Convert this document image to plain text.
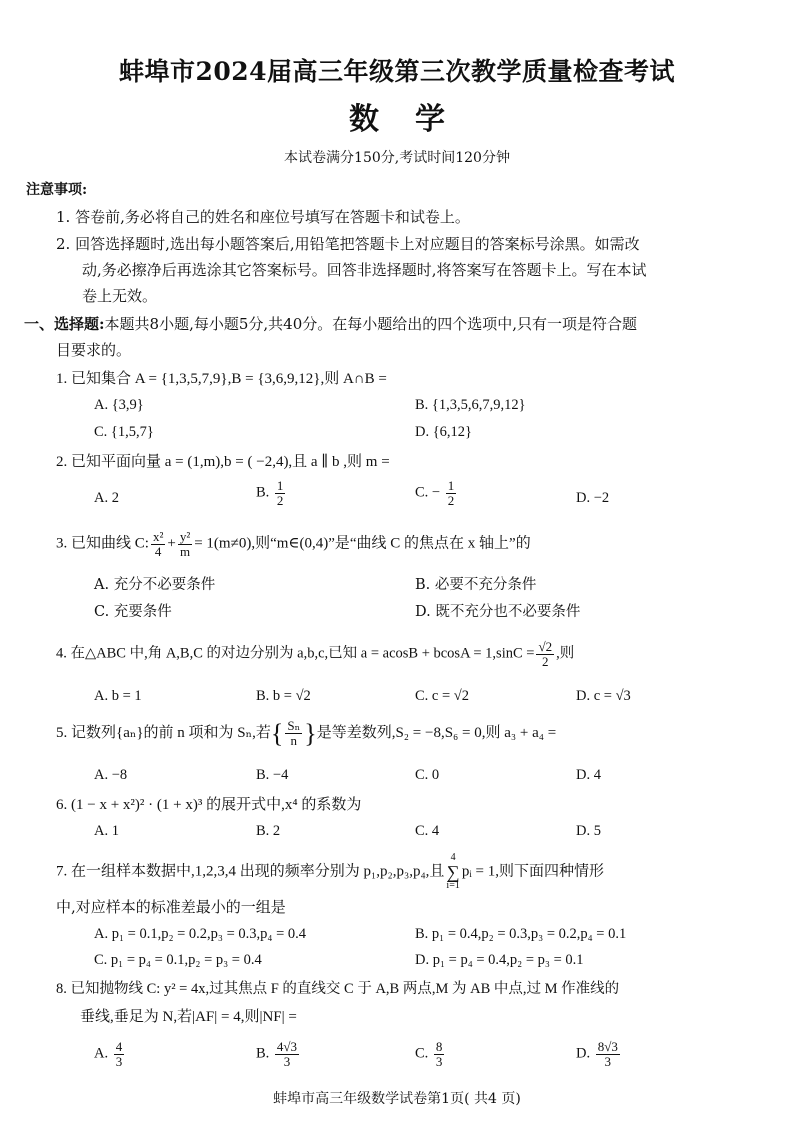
蚌埠市2024届高三年级第三次教学质量检查考试
数学
本试卷满分150分,考试时间120分钟
注意事项:
1. 答卷前,务必将自己的姓名和座位号填写在答题卡和试卷上。
2. 回答选择题时,选出每小题答案后,用铅笔把答题卡上对应题目的答案标号涂黑。如需改
动,务必擦净后再选涂其它答案标号。回答非选择题时,将答案写在答题卡上。写在本试
卷上无效。
一、选择题:本题共8小题,每小题5分,共40分。在每小题给出的四个选项中,只有一项是符合题
目要求的。
1. 已知集合 A = {1,3,5,7,9},B = {3,6,9,12},则 A∩B =
A. {3,9}	B. {1,3,5,6,7,9,12}
C. {1,5,7}	D. {6,12}
2. 已知平面向量 a = (1,m),b = ( −2,4),且 a ∥ b ,则 m =
A. 2	B. $\frac{1}{2}$	C. − $\frac{1}{2}$	D. −2
3. 已知曲线 C: $\frac{\text{x²}}{4} + \frac{\text{y²}}{m} = 1(m\ne 0)$,则“m∈(0,4)”是“曲线 C 的焦点在 x 轴上”的
A. 充分不必要条件	B. 必要不充分条件
C. 充要条件	D. 既不充分也不必要条件
4. 在△ABC 中,角 A,B,C 的对边分别为 a,b,c,已知 $a = acosB + bcosA = 1,\sin C = \frac{√2}{2}$ ,则
A. b = 1	B. b = √2	C. c = √2	D. c = √3
5. 记数列{aₙ}的前 n 项和为 Sₙ,若{ $\frac{\text{Sₙ}}{n}$ }是等差数列,S₂ = −8,S₆ = 0,则 a₃ + a₄ =
A. −8	B. −4	C. 0	D. 4
6. (1 − x + x²)² · (1 + x)³ 的展开式中,x⁴ 的系数为
A. 1	B. 2	C. 4	D. 5
7. 在一组样本数据中,1,2,3,4 出现的频率分别为 p₁,p₂,p₃,p₄,且4
∑
i=1pᵢ = 1,则下面四种情形
中,对应样本的标准差最小的一组是
A. p₁ = 0.1,p₂ = 0.2,p₃ = 0.3,p₄ = 0.4	B. p₁ = 0.4,p₂ = 0.3,p₃ = 0.2,p₄ = 0.1
C. p₁ = p₄ = 0.1,p₂ = p₃ = 0.4	D. p₁ = p₄ = 0.4,p₂ = p₃ = 0.1
8. 已知抛物线 C: y² = 4x,过其焦点 F 的直线交 C 于 A,B 两点,M 为 AB 中点,过 M 作准线的
垂线,垂足为 N,若|AF| = 4,则|NF| =
A. $\frac{4}{3}$	B. $\frac{4√3}{3}$	C. $\frac{8}{3}$	D. $\frac{8√3}{3}$
蚌埠市高三年级数学试卷第1页( 共4 页)
